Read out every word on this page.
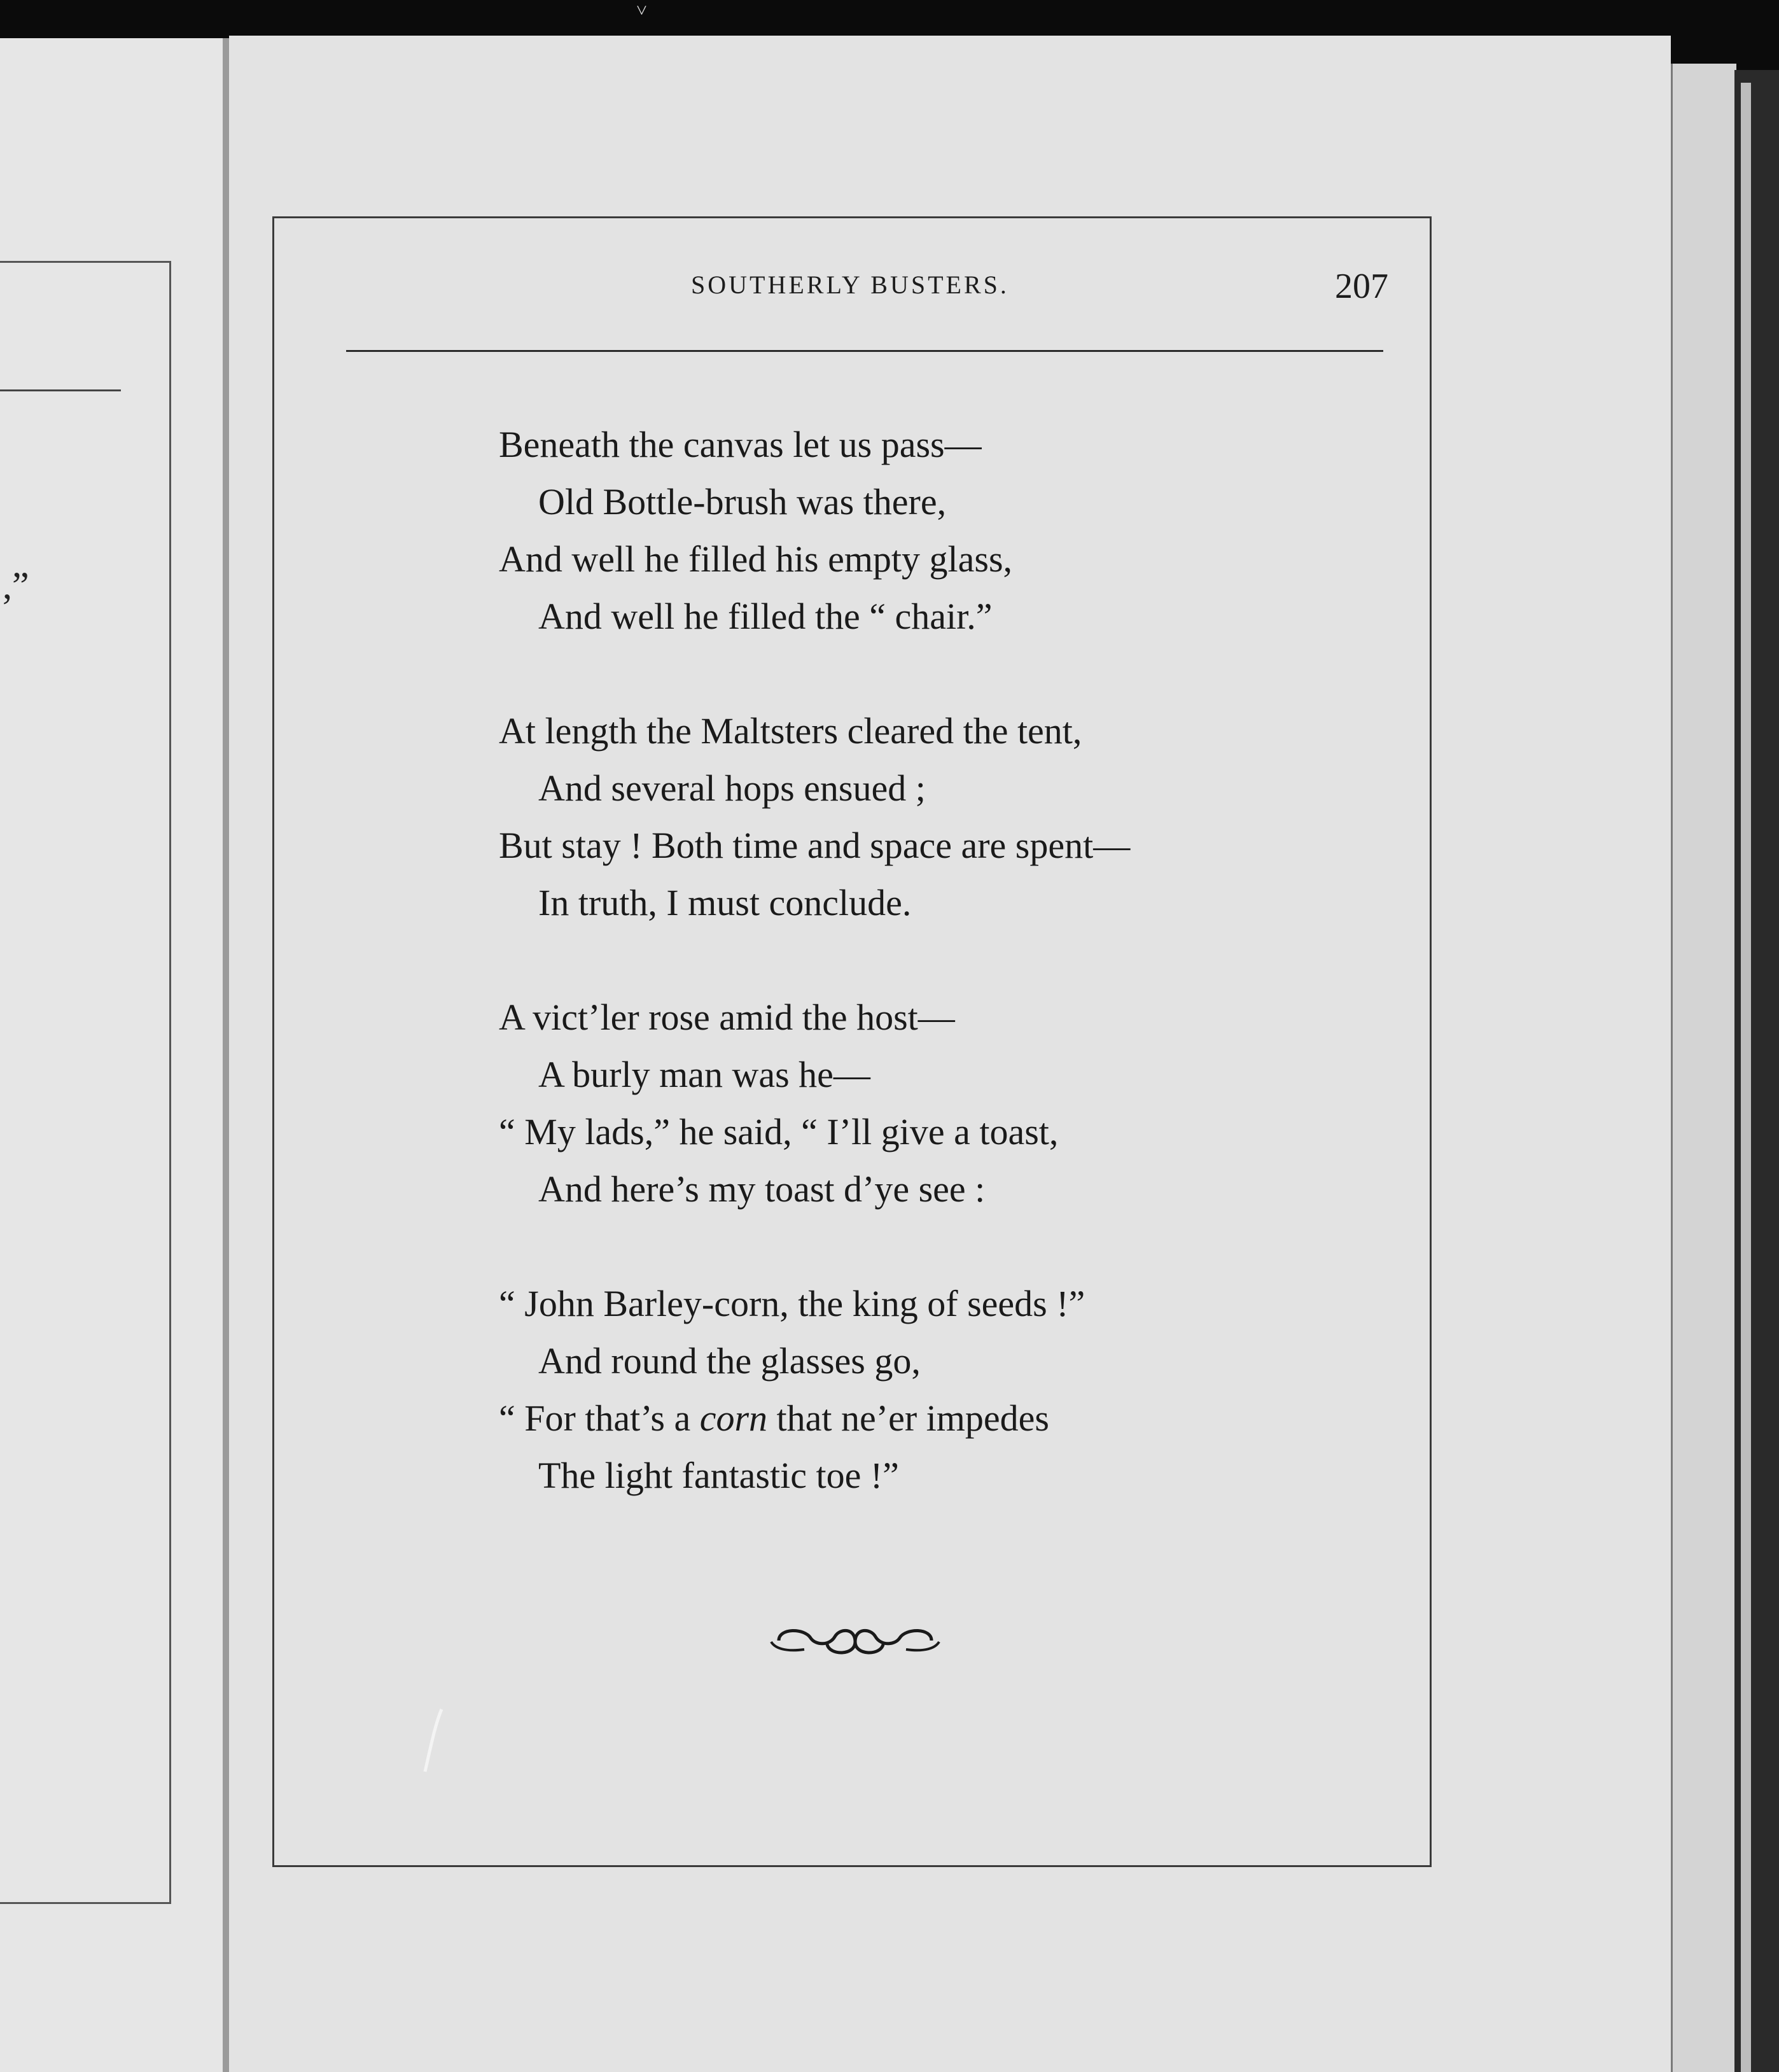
˅
,”
SOUTHERLY BUSTERS.	207
Beneath the canvas let us pass—
Old Bottle-brush was there,
And well he filled his empty glass,
And well he filled the “ chair.”
At length the Maltsters cleared the tent,
And several hops ensued ;
But stay ! Both time and space are spent—
In truth, I must conclude.
A vict’ler rose amid the host—
A burly man was he—
“ My lads,” he said, “ I’ll give a toast,
And here’s my toast d’ye see :
“ John Barley-corn, the king of seeds !”
And round the glasses go,
“ For that’s a corn that ne’er impedes
The light fantastic toe !”
